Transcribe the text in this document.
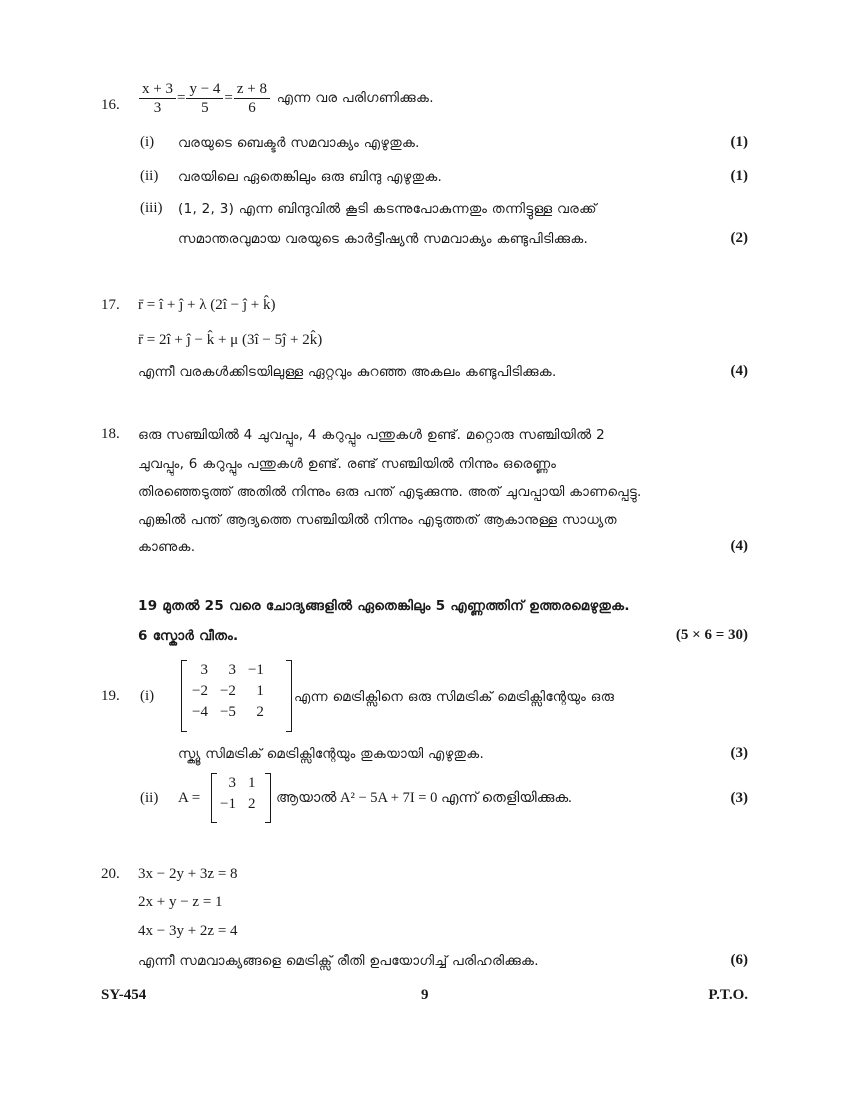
16. $\frac{x + 3}{3} = \frac{y - 4}{5} = \frac{z + 8}{6}$ എന്ന വര പരിഗണിക്കുക.
(i) വരയുടെ ബെക്ടർ സമവാക്യം എഴുതുക.	(1)
(ii) വരയിലെ ഏതെങ്കിലും ഒരു ബിന്ദു എഴുതുക.	(1)
(iii) (1, 2, 3) എന്ന ബിന്ദുവിൽ കൂടി കടന്നുപോകുന്നതും തന്നിട്ടുള്ള വരക്ക്
സമാന്തരവുമായ വരയുടെ കാർട്ടീഷ്യൻ സമവാക്യം കണ്ടുപിടിക്കുക.	(2)
17. r̄ = î + ĵ + λ (2î − ĵ + k̂)
r̄ = 2î + ĵ − k̂ + μ (3î − 5ĵ + 2k̂)
എന്നീ വരകൾക്കിടയിലുള്ള ഏറ്റവും കുറഞ്ഞ അകലം കണ്ടുപിടിക്കുക.	(4)
18. ഒരു സഞ്ചിയിൽ 4 ചുവപ്പും, 4 കറുപ്പും പന്തുകൾ ഉണ്ട്. മറ്റൊരു സഞ്ചിയിൽ 2
ചുവപ്പും, 6 കറുപ്പും പന്തുകൾ ഉണ്ട്. രണ്ട് സഞ്ചിയിൽ നിന്നും ഒരെണ്ണം
തിരഞ്ഞെടുത്ത് അതിൽ നിന്നും ഒരു പന്ത് എടുക്കുന്നു. അത് ചുവപ്പായി കാണപ്പെട്ടു.
എങ്കിൽ പന്ത് ആദ്യത്തെ സഞ്ചിയിൽ നിന്നും എടുത്തത് ആകാനുള്ള സാധ്യത
കാണുക.	(4)
19 മുതൽ 25 വരെ ചോദ്യങ്ങളിൽ ഏതെങ്കിലും 5 എണ്ണത്തിന് ഉത്തരമെഴുതുക.
6 സ്കോർ വീതം.	(5 × 6 = 30)
19. (i)
3	3	−1
−2	−2	1
−4	−5	2
എന്ന മെട്രിക്സിനെ ഒരു സിമട്രിക് മെട്രിക്സിന്റേയും ഒരു
സ്ക്യൂ സിമട്രിക് മെട്രിക്സിന്റേയും തുകയായി എഴുതുക.	(3)
(ii) A =
3	1
−1	2 ആയാൽ A² − 5A + 7I = 0 എന്ന് തെളിയിക്കുക.	(3)
20. 3x − 2y + 3z = 8
2x + y − z = 1
4x − 3y + 2z = 4
എന്നീ സമവാക്യങ്ങളെ മെട്രിക്സ് രീതി ഉപയോഗിച്ച് പരിഹരിക്കുക.	(6)
SY-454	9	P.T.O.
